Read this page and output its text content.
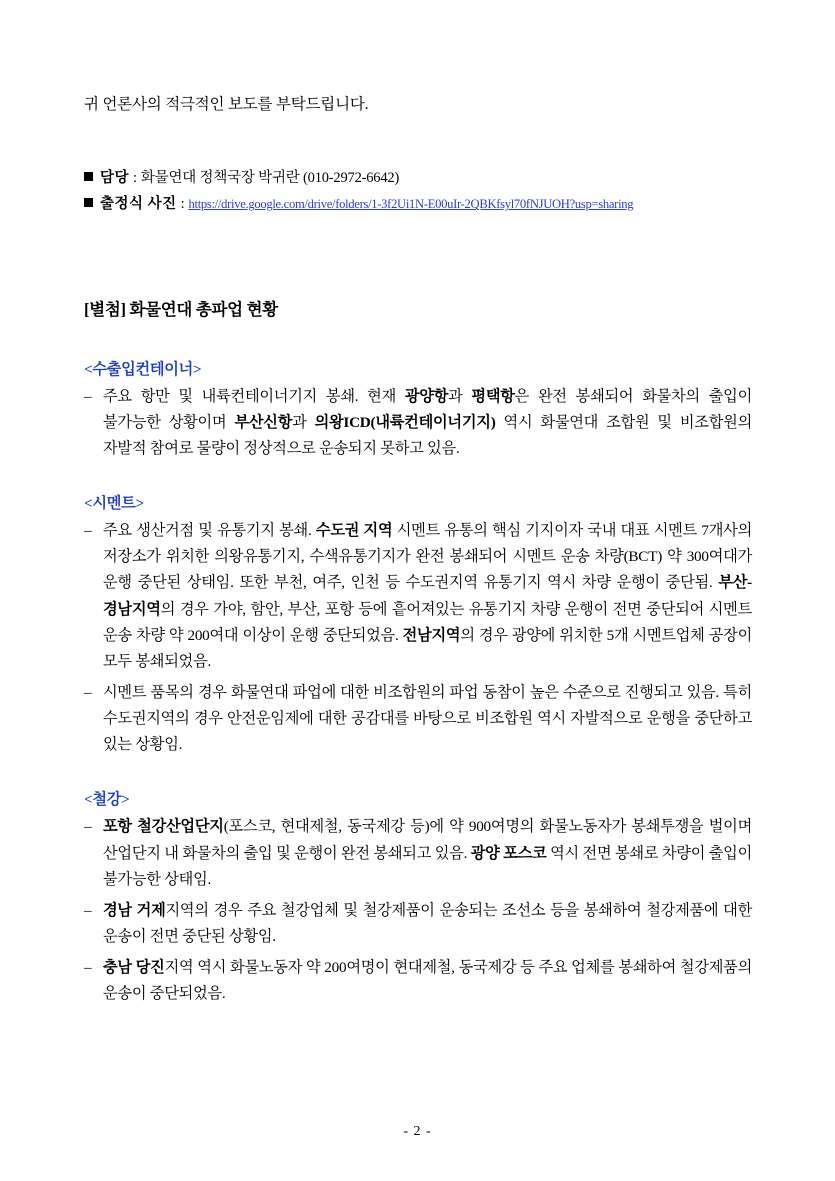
귀 언론사의 적극적인 보도를 부탁드립니다.
담당 : 화물연대 정책국장 박귀란 (010-2972-6642)
출정식 사진 : https://drive.google.com/drive/folders/1-3f2Ui1N-E00uIr-2QBKfsyl70fNJUOH?usp=sharing
[별첨] 화물연대 총파업 현황
<수출입컨테이너>
– 주요 항만 및 내륙컨테이너기지 봉쇄. 현재 광양항과 평택항은 완전 봉쇄되어 화물차의 출입이 불가능한 상황이며 부산신항과 의왕ICD(내륙컨테이너기지) 역시 화물연대 조합원 및 비조합원의 자발적 참여로 물량이 정상적으로 운송되지 못하고 있음.
<시멘트>
– 주요 생산거점 및 유통기지 봉쇄. 수도권 지역 시멘트 유통의 핵심 기지이자 국내 대표 시멘트 7개사의 저장소가 위치한 의왕유통기지, 수색유통기지가 완전 봉쇄되어 시멘트 운송 차량(BCT) 약 300여대가 운행 중단된 상태임. 또한 부천, 여주, 인천 등 수도권지역 유통기지 역시 차량 운행이 중단됨. 부산-경남지역의 경우 가야, 함안, 부산, 포항 등에 흩어져있는 유통기지 차량 운행이 전면 중단되어 시멘트 운송 차량 약 200여대 이상이 운행 중단되었음. 전남지역의 경우 광양에 위치한 5개 시멘트업체 공장이 모두 봉쇄되었음.
– 시멘트 품목의 경우 화물연대 파업에 대한 비조합원의 파업 동참이 높은 수준으로 진행되고 있음. 특히 수도권지역의 경우 안전운임제에 대한 공감대를 바탕으로 비조합원 역시 자발적으로 운행을 중단하고 있는 상황임.
<철강>
– 포항 철강산업단지(포스코, 현대제철, 동국제강 등)에 약 900여명의 화물노동자가 봉쇄투쟁을 벌이며 산업단지 내 화물차의 출입 및 운행이 완전 봉쇄되고 있음. 광양 포스코 역시 전면 봉쇄로 차량이 출입이 불가능한 상태임.
– 경남 거제지역의 경우 주요 철강업체 및 철강제품이 운송되는 조선소 등을 봉쇄하여 철강제품에 대한 운송이 전면 중단된 상황임.
– 충남 당진지역 역시 화물노동자 약 200여명이 현대제철, 동국제강 등 주요 업체를 봉쇄하여 철강제품의 운송이 중단되었음.
- 2 -
